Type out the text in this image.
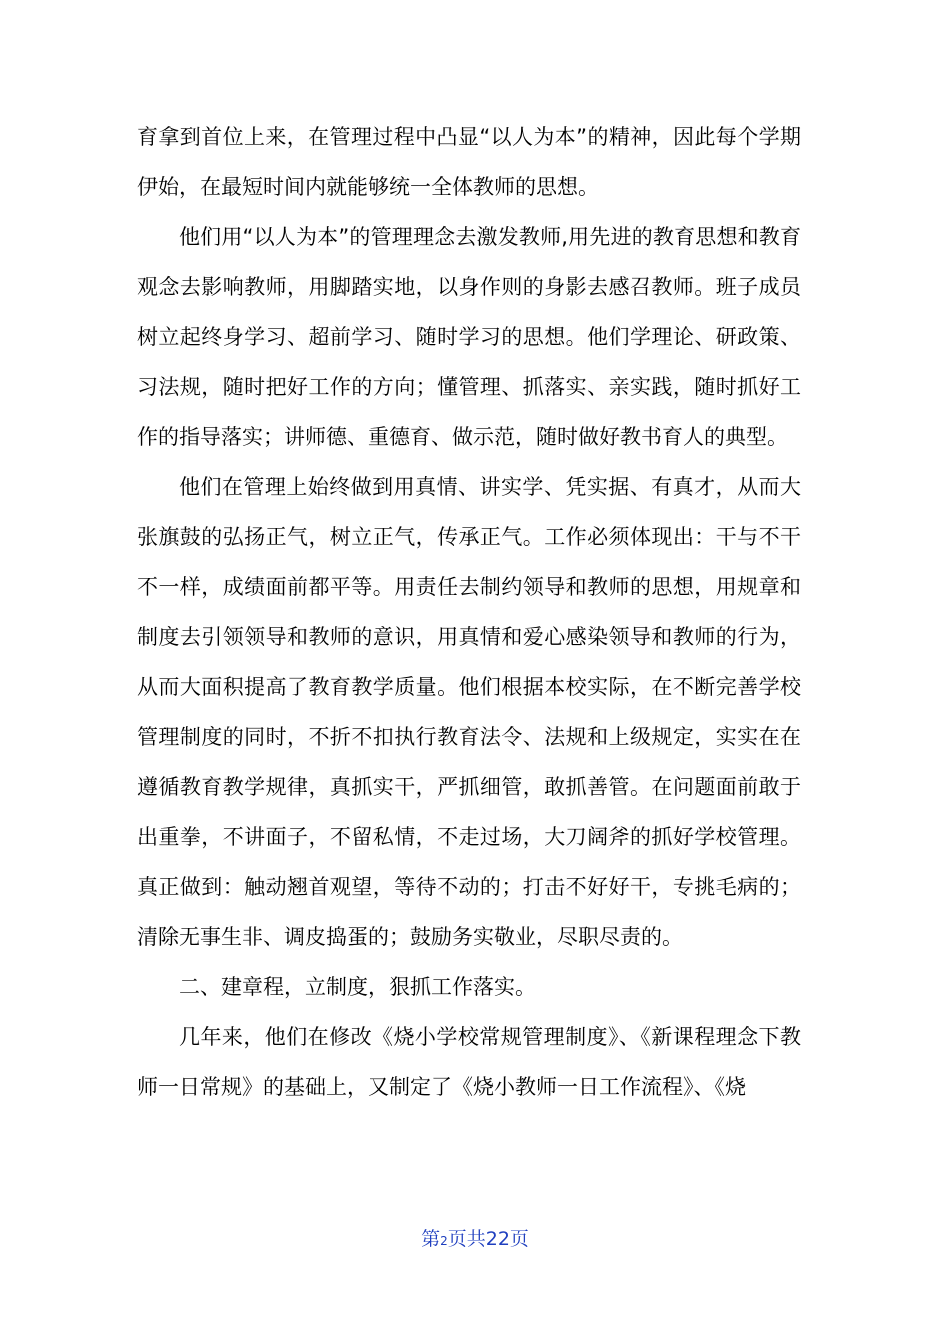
育拿到首位上来，在管理过程中凸显“以人为本”的精神，因此每个学期伊始，在最短时间内就能够统一全体教师的思想。

他们用“以人为本”的管理理念去激发教师,用先进的教育思想和教育观念去影响教师，用脚踏实地，以身作则的身影去感召教师。班子成员树立起终身学习、超前学习、随时学习的思想。他们学理论、研政策、习法规，随时把好工作的方向；懂管理、抓落实、亲实践，随时抓好工作的指导落实；讲师德、重德育、做示范，随时做好教书育人的典型。

他们在管理上始终做到用真情、讲实学、凭实据、有真才，从而大张旗鼓的弘扬正气，树立正气，传承正气。工作必须体现出：干与不干不一样，成绩面前都平等。用责任去制约领导和教师的思想，用规章和制度去引领领导和教师的意识，用真情和爱心感染领导和教师的行为，从而大面积提高了教育教学质量。他们根据本校实际，在不断完善学校管理制度的同时，不折不扣执行教育法令、法规和上级规定，实实在在遵循教育教学规律，真抓实干，严抓细管，敢抓善管。在问题面前敢于出重拳，不讲面子，不留私情，不走过场，大刀阔斧的抓好学校管理。真正做到：触动翘首观望，等待不动的；打击不好好干，专挑毛病的；清除无事生非、调皮捣蛋的；鼓励务实敬业，尽职尽责的。

二、建章程，立制度，狠抓工作落实。

几年来，他们在修改《烧小学校常规管理制度》、《新课程理念下教师一日常规》的基础上，又制定了《烧小教师一日工作流程》、《烧

第2页共22页
